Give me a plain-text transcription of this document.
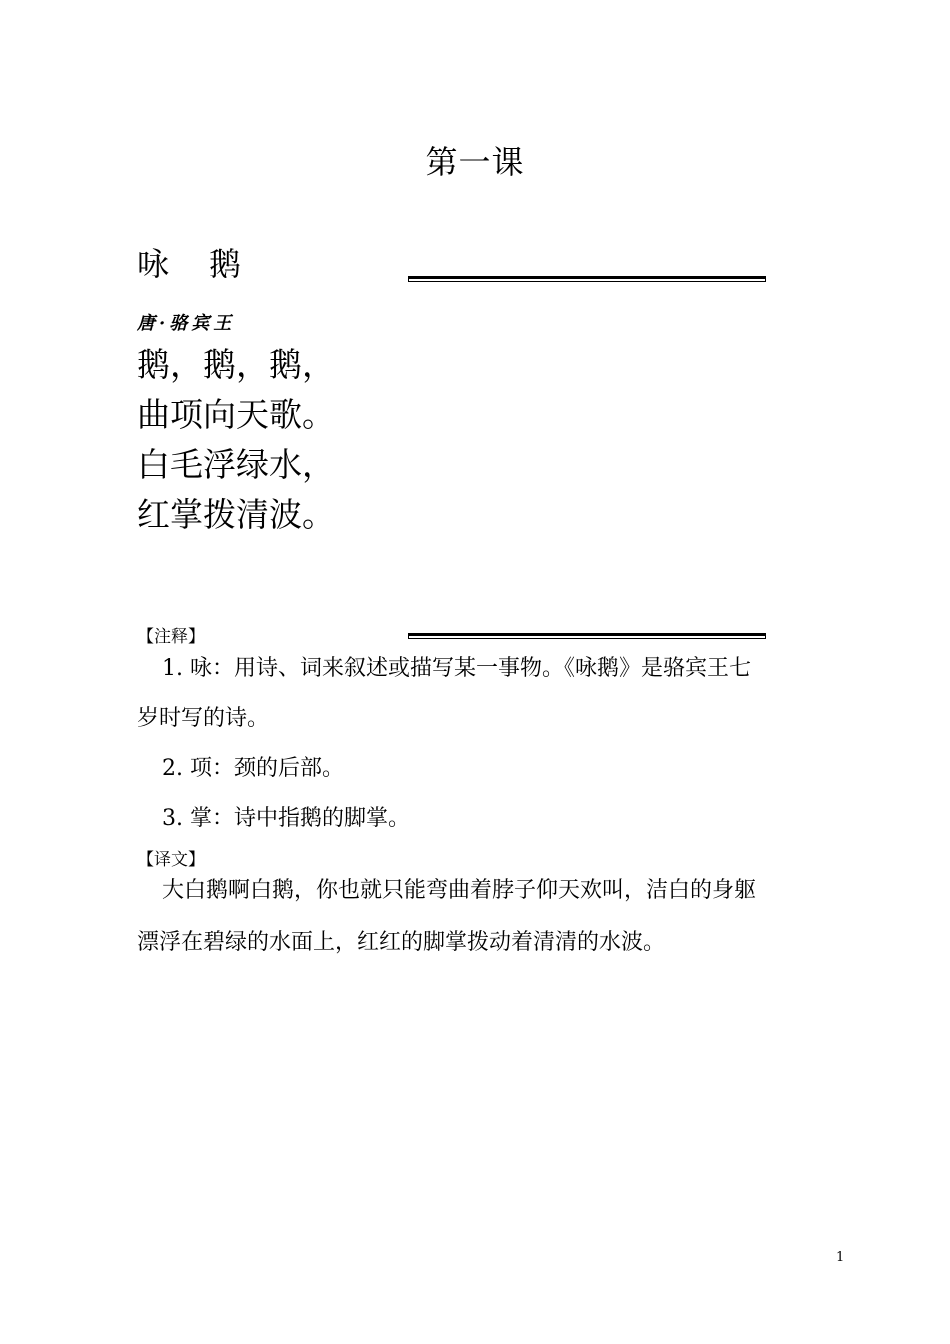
第一课
咏 鹅
唐·骆宾王
鹅，鹅，鹅，
曲项向天歌。
白毛浮绿水，
红掌拨清波。
【注释】
1. 咏：用诗、词来叙述或描写某一事物。《咏鹅》是骆宾王七
岁时写的诗。
2. 项：颈的后部。
3. 掌：诗中指鹅的脚掌。
【译文】
大白鹅啊白鹅，你也就只能弯曲着脖子仰天欢叫，洁白的身躯
漂浮在碧绿的水面上，红红的脚掌拨动着清清的水波。
1
